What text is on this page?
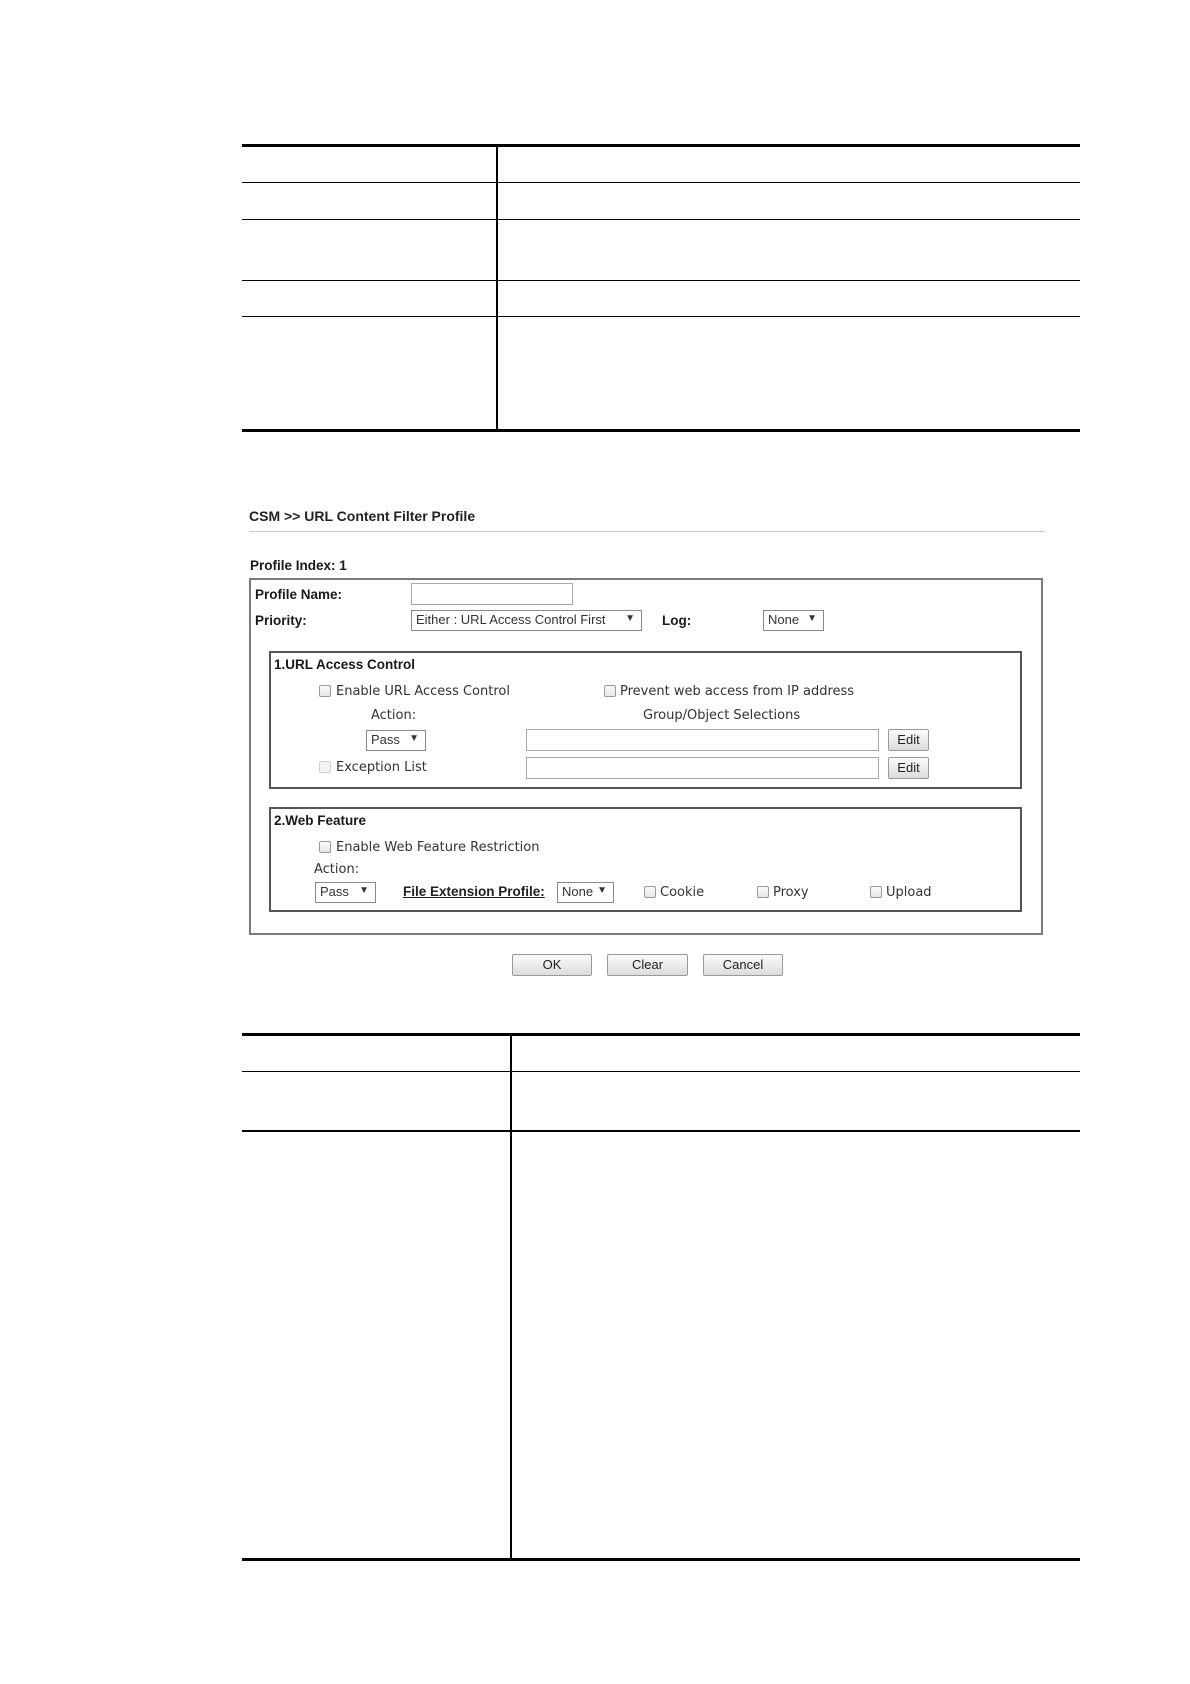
CSM >> URL Content Filter Profile
Profile Index: 1
Profile Name:
Priority:	Either : URL Access Control First ▼ Log:	None ▼
1.URL Access Control
Enable URL Access Control	Prevent web access from IP address
Action:	Group/Object Selections
Pass ▼	Edit
Exception List	Edit
2.Web Feature
Enable Web Feature Restriction
Action:
Pass ▼	File Extension Profile:	None ▼	Cookie	Proxy	Upload
OK	Clear	Cancel
